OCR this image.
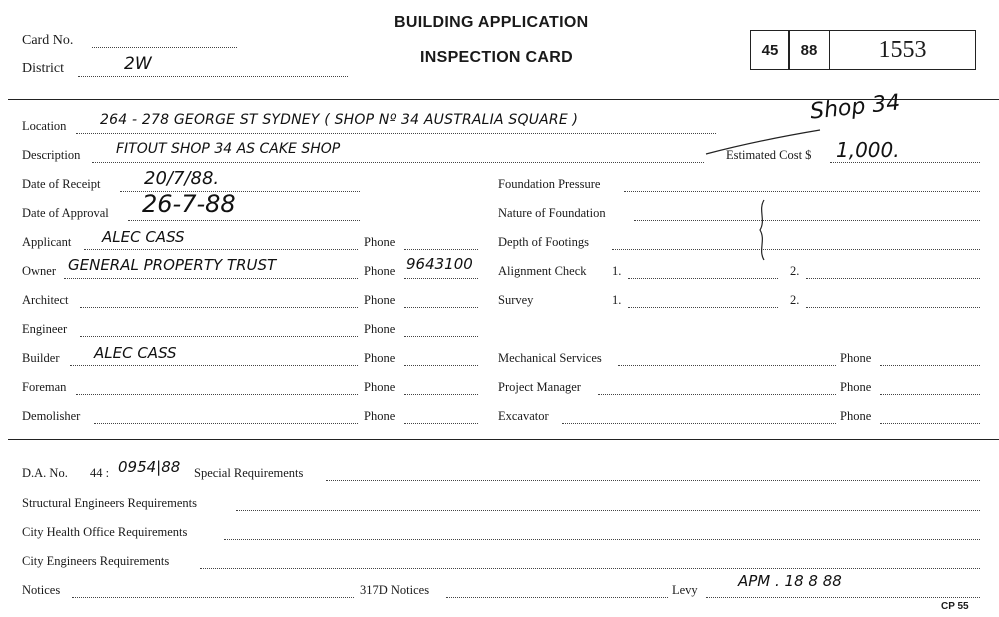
Card No.
District	2W
BUILDING APPLICATION
INSPECTION CARD	45 88	1553
Location 264 - 278 GEORGE ST SYDNEY ( SHOP Nº 34 AUSTRALIA SQUARE )	Shop 34
Description	FITOUT SHOP 34 AS CAKE SHOP	Estimated Cost $ 1,000.
Date of Receipt 20/7/88.	Foundation Pressure
Date of Approval 26-7-88	Nature of Foundation
Applicant ALEC CASS	Phone	Depth of Footings
Owner GENERAL PROPERTY TRUST	Phone 9643100 Alignment Check 1.	2.
Architect	Phone	Survey	1.	2.
Engineer	Phone
Builder ALEC CASS	Phone	Mechanical Services	Phone
Foreman	Phone	Project Manager	Phone
Demolisher	Phone	Excavator	Phone
D.A. No. 44 : 0954|88 Special Requirements
Structural Engineers Requirements
City Health Office Requirements
City Engineers Requirements
Notices	317D Notices	Levy	APM . 18 8 88
CP 55
